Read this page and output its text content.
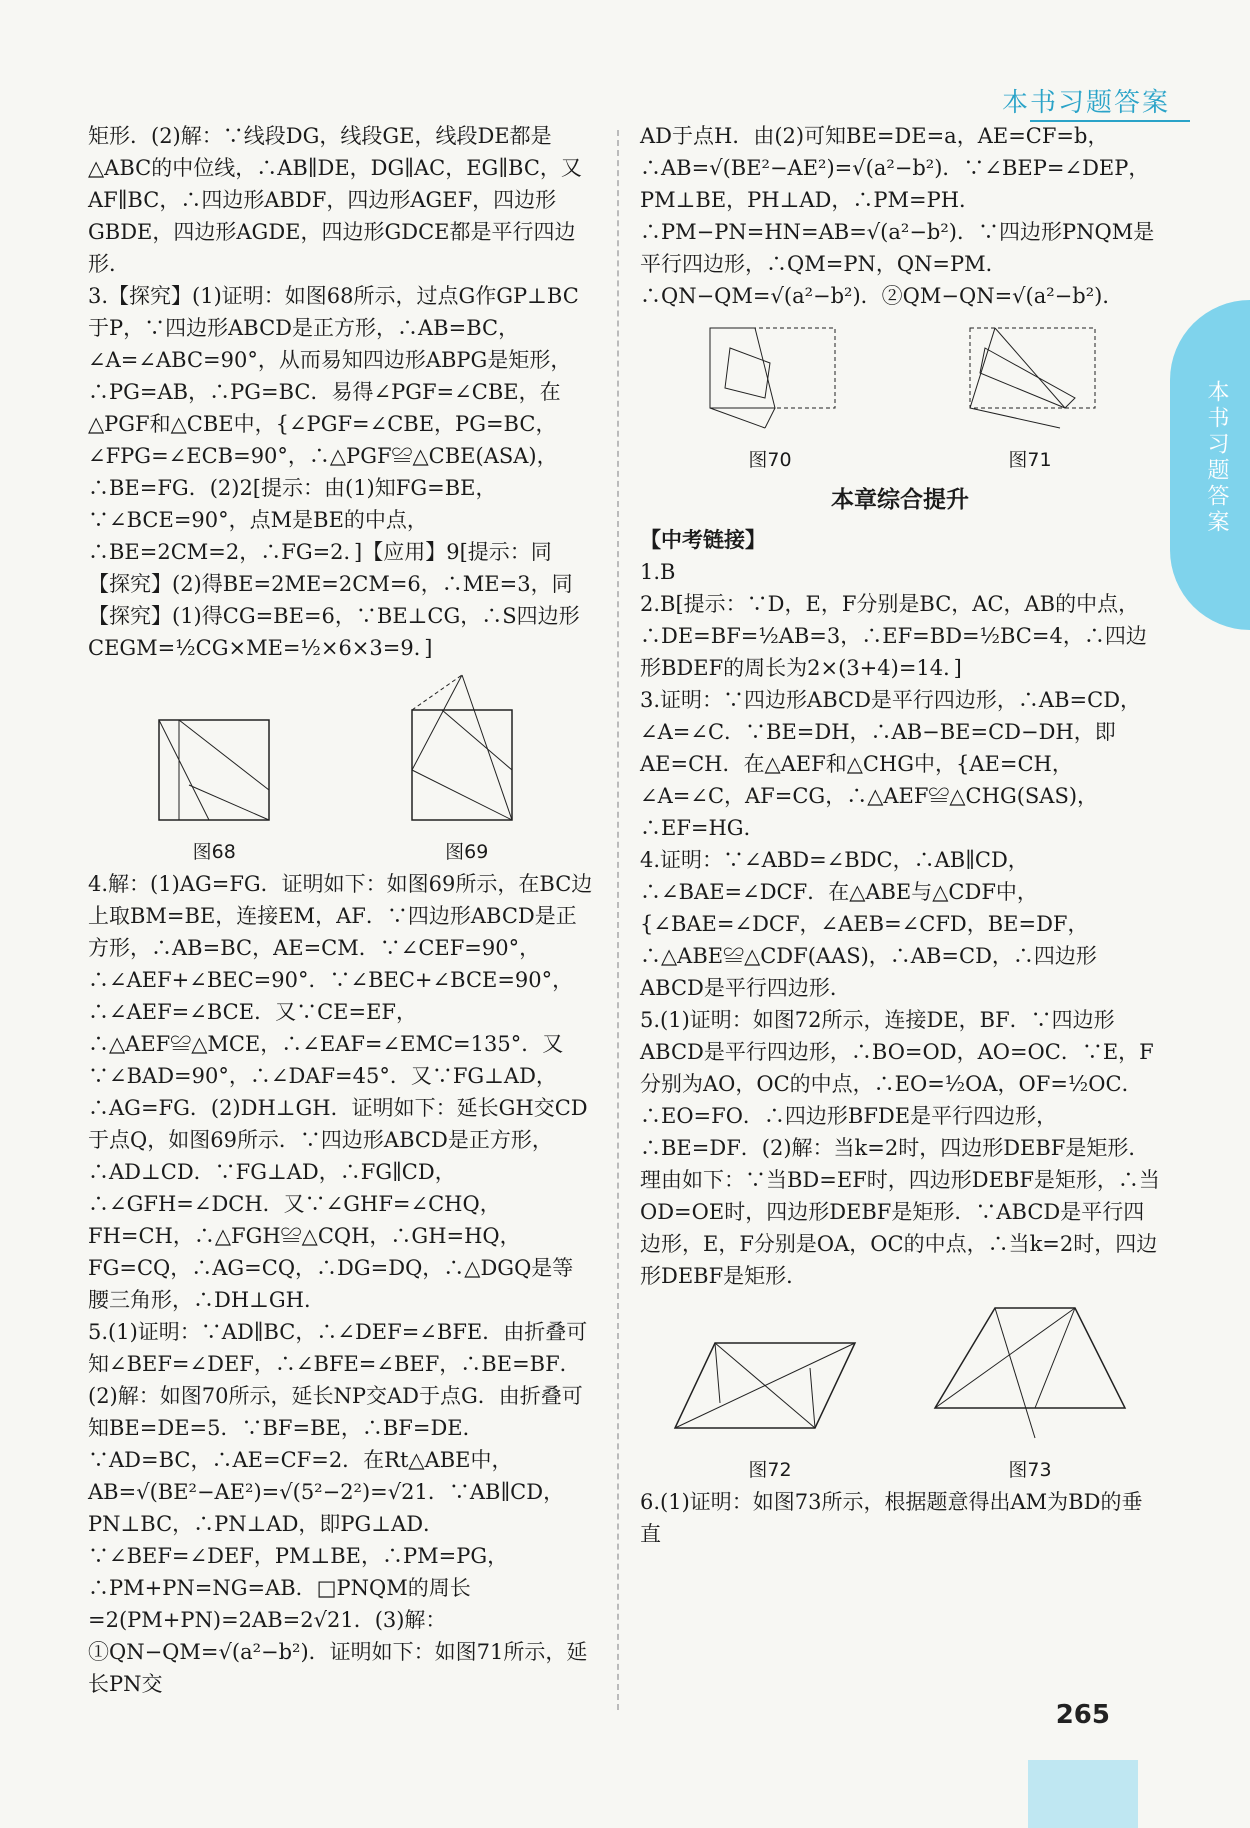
本书习题答案
本书习题答案

矩形．(2)解：∵线段DG，线段GE，线段DE都是△ABC的中位线，∴AB∥DE，DG∥AC，EG∥BC，又AF∥BC，∴四边形ABDF，四边形AGEF，四边形GBDE，四边形AGDE，四边形GDCE都是平行四边形．

3.【探究】(1)证明：如图68所示，过点G作GP⊥BC于P，∵四边形ABCD是正方形，∴AB=BC，∠A=∠ABC=90°，从而易知四边形ABPG是矩形，∴PG=AB，∴PG=BC．易得∠PGF=∠CBE，在△PGF和△CBE中，{∠PGF=∠CBE，PG=BC，∠FPG=∠ECB=90°，∴△PGF≌△CBE(ASA)，∴BE=FG．(2)2[提示：由(1)知FG=BE，∵∠BCE=90°，点M是BE的中点，∴BE=2CM=2，∴FG=2．]【应用】9[提示：同【探究】(2)得BE=2ME=2CM=6，∴ME=3，同【探究】(1)得CG=BE=6，∵BE⊥CG，∴S四边形CEGM=½CG×ME=½×6×3=9．]

图68	图69

4.解：(1)AG=FG．证明如下：如图69所示，在BC边上取BM=BE，连接EM，AF．∵四边形ABCD是正方形，∴AB=BC，AE=CM．∵∠CEF=90°，∴∠AEF+∠BEC=90°．∵∠BEC+∠BCE=90°，∴∠AEF=∠BCE．又∵CE=EF，∴△AEF≌△MCE，∴∠EAF=∠EMC=135°．又∵∠BAD=90°，∴∠DAF=45°．又∵FG⊥AD，∴AG=FG．(2)DH⊥GH．证明如下：延长GH交CD于点Q，如图69所示．∵四边形ABCD是正方形，∴AD⊥CD．∵FG⊥AD，∴FG∥CD，∴∠GFH=∠DCH．又∵∠GHF=∠CHQ，FH=CH，∴△FGH≌△CQH，∴GH=HQ，FG=CQ，∴AG=CQ，∴DG=DQ，∴△DGQ是等腰三角形，∴DH⊥GH．

5.(1)证明：∵AD∥BC，∴∠DEF=∠BFE．由折叠可知∠BEF=∠DEF，∴∠BFE=∠BEF，∴BE=BF．(2)解：如图70所示，延长NP交AD于点G．由折叠可知BE=DE=5．∵BF=BE，∴BF=DE．∵AD=BC，∴AE=CF=2．在Rt△ABE中，AB=√(BE²−AE²)=√(5²−2²)=√21．∵AB∥CD，PN⊥BC，∴PN⊥AD，即PG⊥AD．∵∠BEF=∠DEF，PM⊥BE，∴PM=PG，∴PM+PN=NG=AB．□PNQM的周长=2(PM+PN)=2AB=2√21．(3)解：①QN−QM=√(a²−b²)．证明如下：如图71所示，延长PN交

AD于点H．由(2)可知BE=DE=a，AE=CF=b，∴AB=√(BE²−AE²)=√(a²−b²)．∵∠BEP=∠DEP，PM⊥BE，PH⊥AD，∴PM=PH．∴PM−PN=HN=AB=√(a²−b²)．∵四边形PNQM是平行四边形，∴QM=PN，QN=PM．∴QN−QM=√(a²−b²)．②QM−QN=√(a²−b²)．

图70	图71
本章综合提升

【中考链接】

1.B

2.B[提示：∵D，E，F分别是BC，AC，AB的中点，∴DE=BF=½AB=3，∴EF=BD=½BC=4，∴四边形BDEF的周长为2×(3+4)=14．]

3.证明：∵四边形ABCD是平行四边形，∴AB=CD，∠A=∠C．∵BE=DH，∴AB−BE=CD−DH，即AE=CH．在△AEF和△CHG中，{AE=CH，∠A=∠C，AF=CG，∴△AEF≌△CHG(SAS)，∴EF=HG．

4.证明：∵∠ABD=∠BDC，∴AB∥CD，∴∠BAE=∠DCF．在△ABE与△CDF中，{∠BAE=∠DCF，∠AEB=∠CFD，BE=DF，∴△ABE≌△CDF(AAS)，∴AB=CD，∴四边形ABCD是平行四边形．

5.(1)证明：如图72所示，连接DE，BF．∵四边形ABCD是平行四边形，∴BO=OD，AO=OC．∵E，F分别为AO，OC的中点，∴EO=½OA，OF=½OC．∴EO=FO．∴四边形BFDE是平行四边形，∴BE=DF．(2)解：当k=2时，四边形DEBF是矩形．理由如下：∵当BD=EF时，四边形DEBF是矩形，∴当OD=OE时，四边形DEBF是矩形．∵ABCD是平行四边形，E，F分别是OA，OC的中点，∴当k=2时，四边形DEBF是矩形．

图72	图73

6.(1)证明：如图73所示，根据题意得出AM为BD的垂直

265
